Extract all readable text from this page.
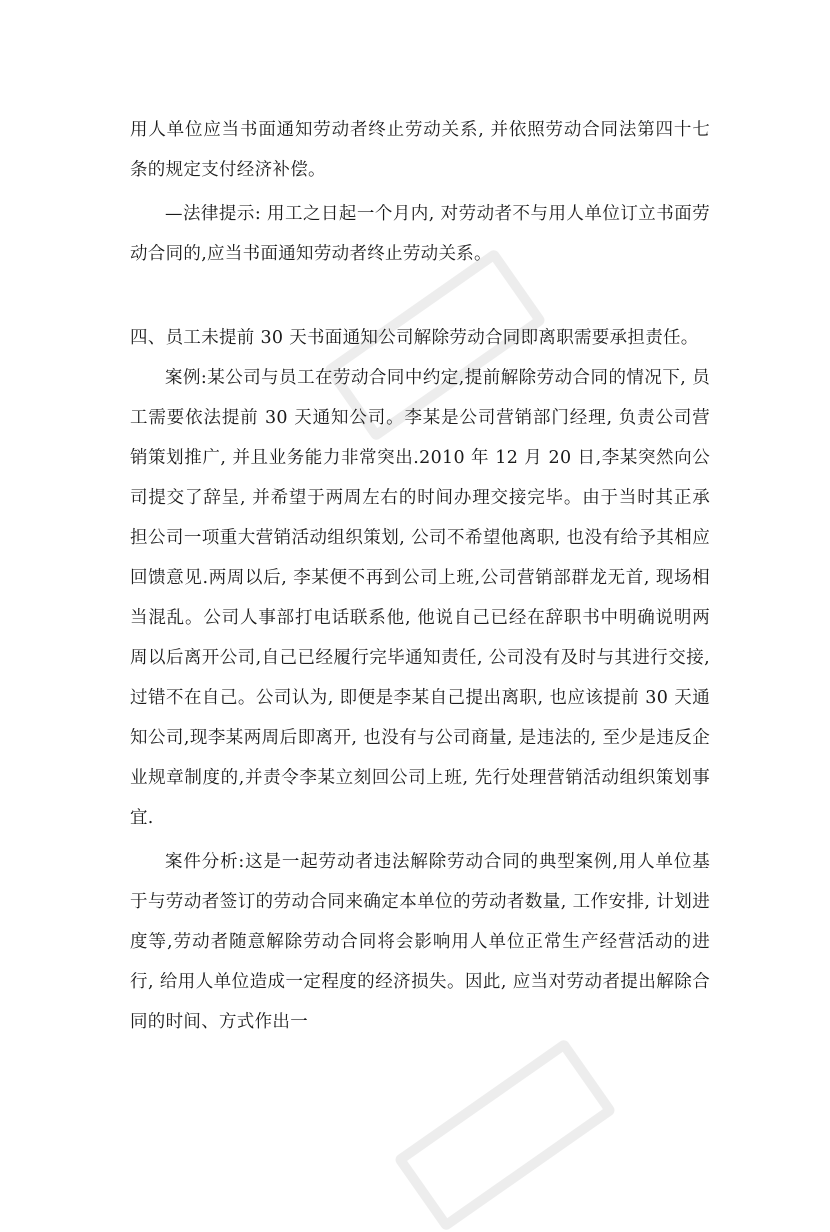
用人单位应当书面通知劳动者终止劳动关系, 并依照劳动合同法第四十七条的规定支付经济补偿。

—法律提示: 用工之日起一个月内, 对劳动者不与用人单位订立书面劳动合同的,应当书面通知劳动者终止劳动关系。

四、员工未提前 30 天书面通知公司解除劳动合同即离职需要承担责任。

案例:某公司与员工在劳动合同中约定,提前解除劳动合同的情况下, 员工需要依法提前 30 天通知公司。李某是公司营销部门经理, 负责公司营销策划推广, 并且业务能力非常突出.2010 年 12 月 20 日,李某突然向公司提交了辞呈, 并希望于两周左右的时间办理交接完毕。由于当时其正承担公司一项重大营销活动组织策划, 公司不希望他离职, 也没有给予其相应回馈意见.两周以后, 李某便不再到公司上班,公司营销部群龙无首, 现场相当混乱。公司人事部打电话联系他, 他说自己已经在辞职书中明确说明两周以后离开公司,自己已经履行完毕通知责任, 公司没有及时与其进行交接, 过错不在自己。公司认为, 即便是李某自己提出离职, 也应该提前 30 天通知公司,现李某两周后即离开, 也没有与公司商量, 是违法的, 至少是违反企业规章制度的,并责令李某立刻回公司上班, 先行处理营销活动组织策划事宜.

案件分析:这是一起劳动者违法解除劳动合同的典型案例,用人单位基于与劳动者签订的劳动合同来确定本单位的劳动者数量, 工作安排, 计划进度等,劳动者随意解除劳动合同将会影响用人单位正常生产经营活动的进行, 给用人单位造成一定程度的经济损失。因此, 应当对劳动者提出解除合同的时间、方式作出一
